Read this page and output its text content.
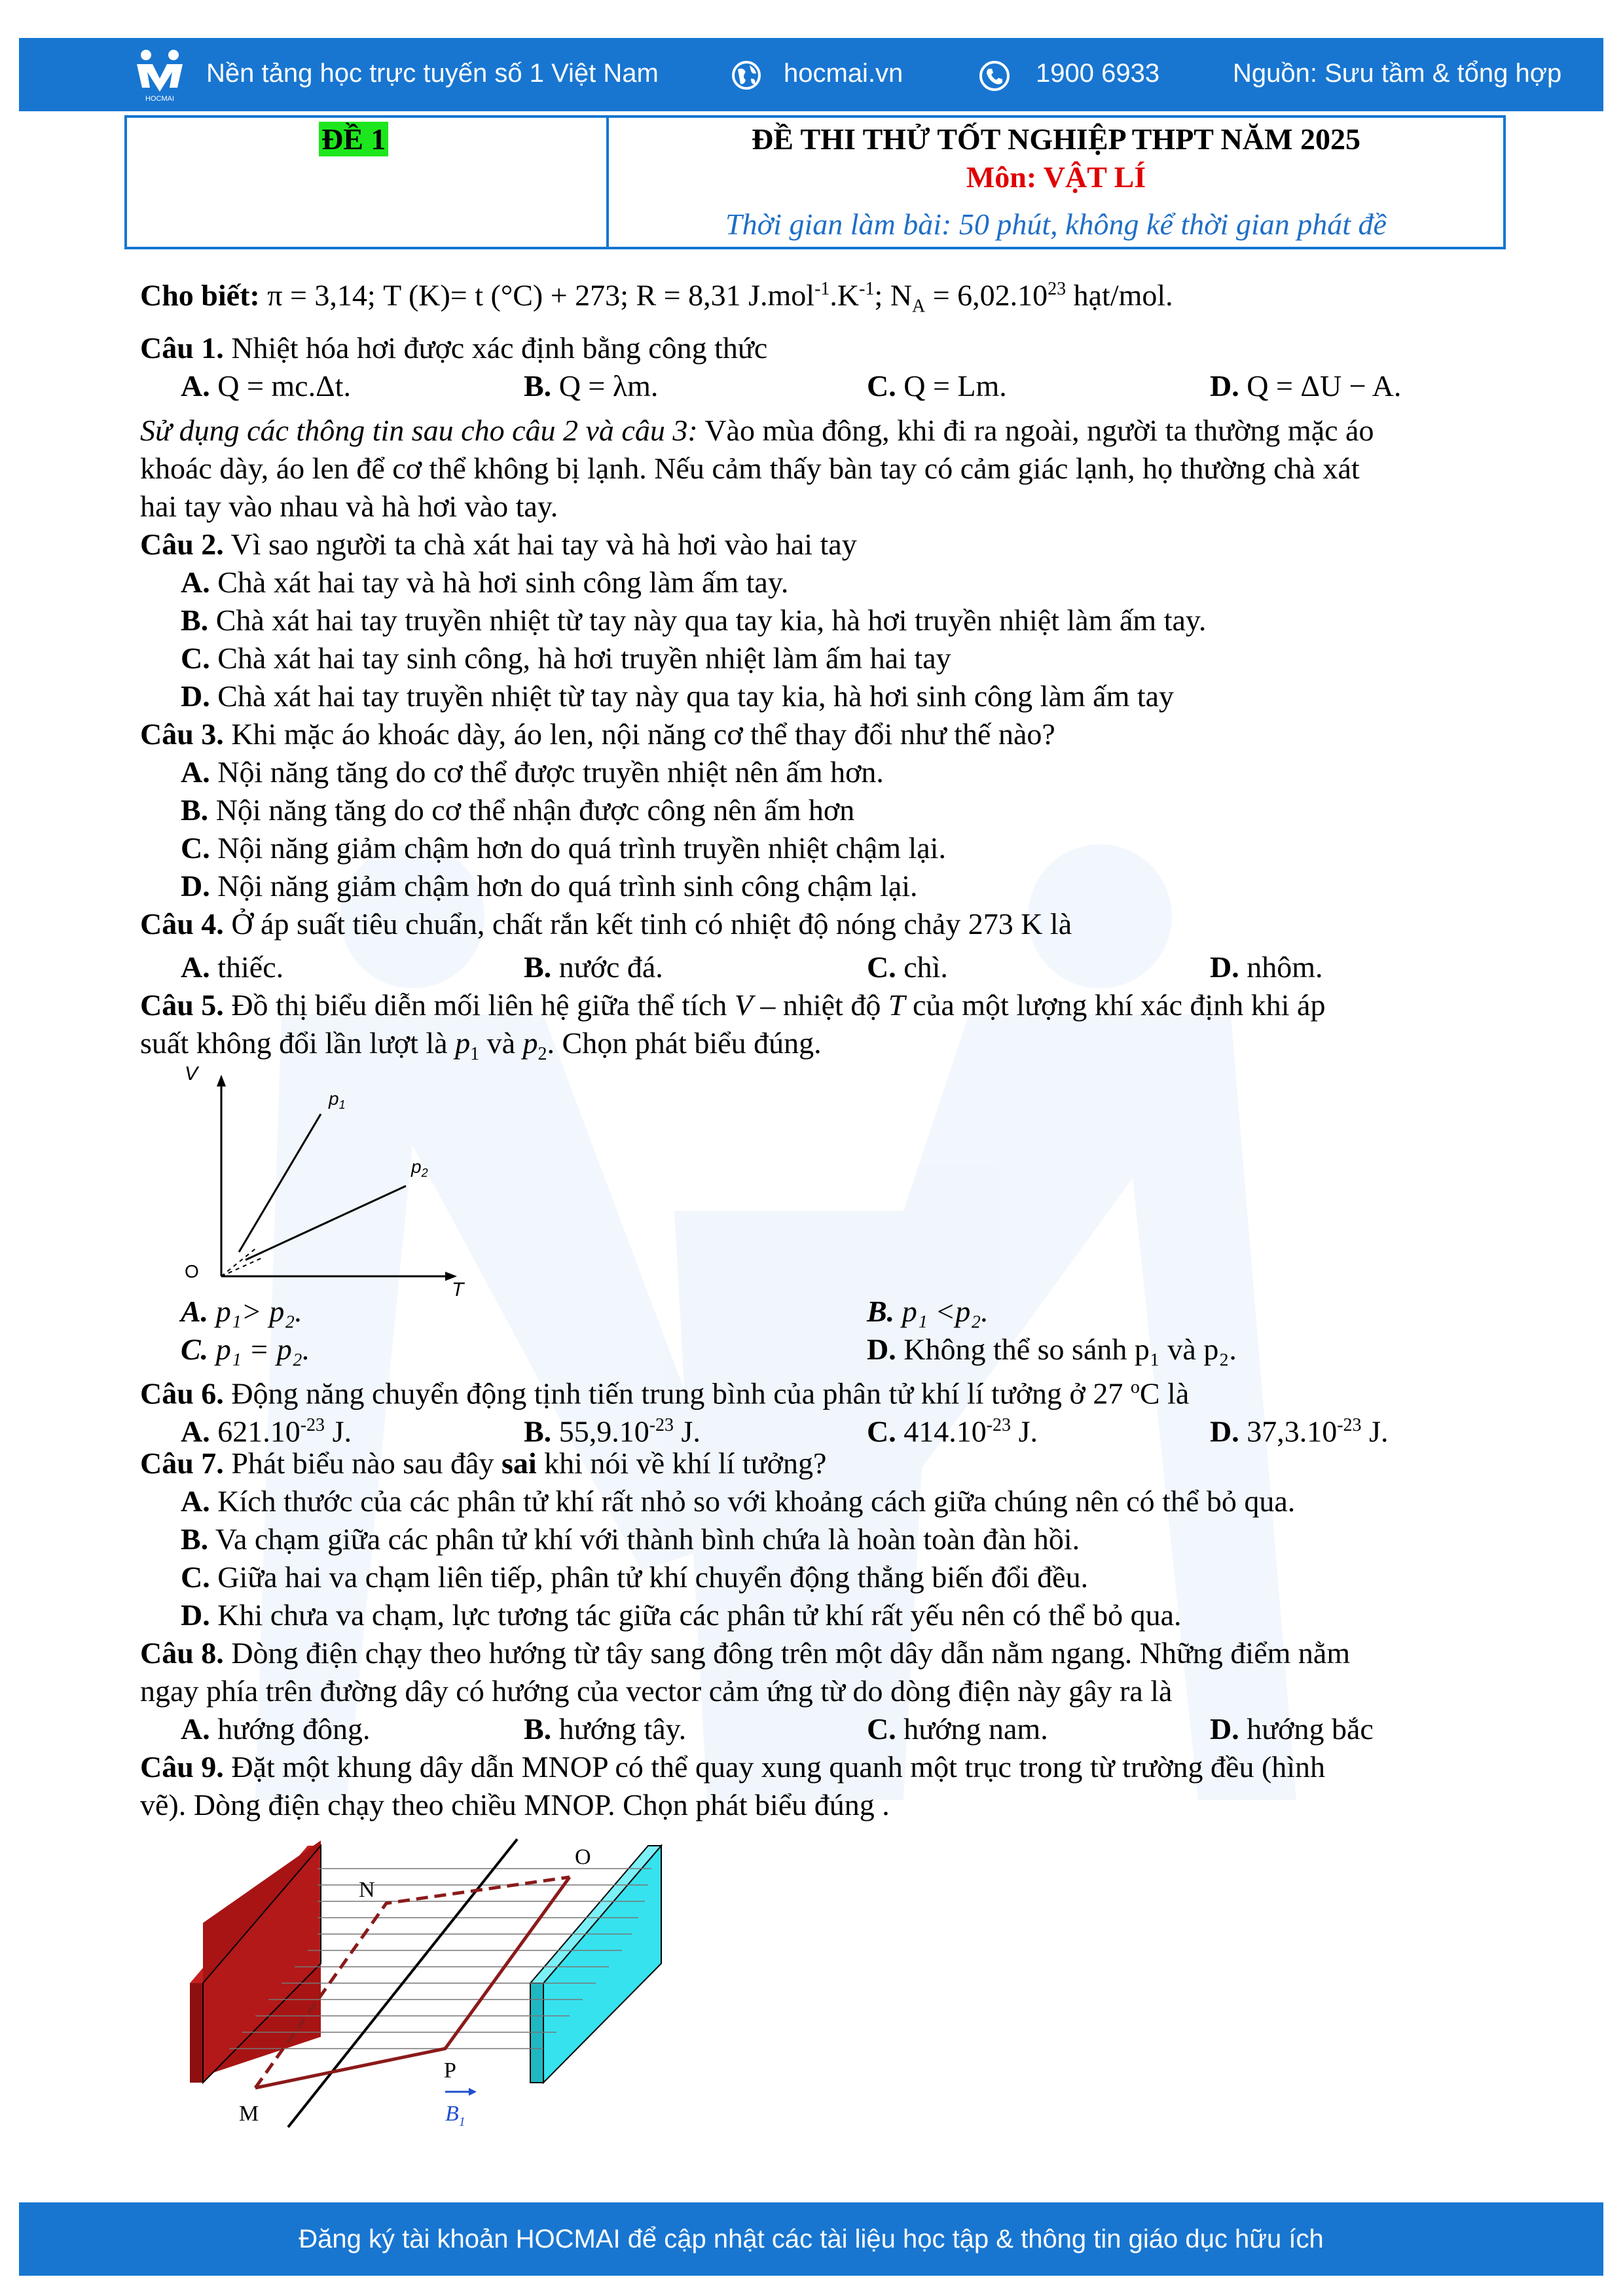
HOCMAI
Nền tảng học trực tuyến số 1 Việt Nam	hocmai.vn	1900 6933	Nguồn: Sưu tầm & tổng hợp
ĐỀ 1	ĐỀ THI THỬ TỐT NGHIỆP THPT NĂM 2025
Môn: VẬT LÍ
Thời gian làm bài: 50 phút, không kể thời gian phát đề
Cho biết: π = 3,14; T (K)= t (°C) + 273; R = 8,31 $J.mol^{-1}.K^{-1}$; $N_A = 6,02.10^{23}$ hạt/mol.
Câu 1. Nhiệt hóa hơi được xác định bằng công thức
A. Q = mc.Δt.	B. Q = λm.	C. Q = Lm.	D. Q = ΔU − A.
Sử dụng các thông tin sau cho câu 2 và câu 3: Vào mùa đông, khi đi ra ngoài, người ta thường mặc áo
khoác dày, áo len để cơ thể không bị lạnh. Nếu cảm thấy bàn tay có cảm giác lạnh, họ thường chà xát
hai tay vào nhau và hà hơi vào tay.
Câu 2. Vì sao người ta chà xát hai tay và hà hơi vào hai tay
A. Chà xát hai tay và hà hơi sinh công làm ấm tay.
B. Chà xát hai tay truyền nhiệt từ tay này qua tay kia, hà hơi truyền nhiệt làm ấm tay.
C. Chà xát hai tay sinh công, hà hơi truyền nhiệt làm ấm hai tay
D. Chà xát hai tay truyền nhiệt từ tay này qua tay kia, hà hơi sinh công làm ấm tay
Câu 3. Khi mặc áo khoác dày, áo len, nội năng cơ thể thay đổi như thế nào?
A. Nội năng tăng do cơ thể được truyền nhiệt nên ấm hơn.
B. Nội năng tăng do cơ thể nhận được công nên ấm hơn
C. Nội năng giảm chậm hơn do quá trình truyền nhiệt chậm lại.
D. Nội năng giảm chậm hơn do quá trình sinh công chậm lại.
Câu 4. Ở áp suất tiêu chuẩn, chất rắn kết tinh có nhiệt độ nóng chảy 273 K là
A. thiếc.	B. nước đá.	C. chì.	D. nhôm.
Câu 5. Đồ thị biểu diễn mối liên hệ giữa thể tích V – nhiệt độ T của một lượng khí xác định khi áp
suất không đổi lần lượt là $p_1$ và $p_2$. Chọn phát biểu đúng.
V
T
O
$p_1$
$p_2$
A. p₁> p₂.	B. p₁ <p₂.
C. p₁ = p₂.	D. Không thể so sánh p₁ và p₂.
Câu 6. Động năng chuyển động tịnh tiến trung bình của phân tử khí lí tưởng ở 27 $^o$C là
A. $621.10^{-23}$ J.	B. $55,9.10^{-23}$ J.	C. $414.10^{-23}$ J.	D. $37,3.10^{-23}$ J.
Câu 7. Phát biểu nào sau đây sai khi nói về khí lí tưởng?
A. Kích thước của các phân tử khí rất nhỏ so với khoảng cách giữa chúng nên có thể bỏ qua.
B. Va chạm giữa các phân tử khí với thành bình chứa là hoàn toàn đàn hồi.
C. Giữa hai va chạm liên tiếp, phân tử khí chuyển động thẳng biến đổi đều.
D. Khi chưa va chạm, lực tương tác giữa các phân tử khí rất yếu nên có thể bỏ qua.
Câu 8. Dòng điện chạy theo hướng từ tây sang đông trên một dây dẫn nằm ngang. Những điểm nằm
ngay phía trên đường dây có hướng của vector cảm ứng từ do dòng điện này gây ra là
A. hướng đông.	B. hướng tây.	C. hướng nam.	D. hướng bắc
Câu 9. Đặt một khung dây dẫn MNOP có thể quay xung quanh một trục trong từ trường đều (hình
vẽ). Dòng điện chạy theo chiều MNOP. Chọn phát biểu đúng .
M
N
O
P
$B_1$
Đăng ký tài khoản HOCMAI để cập nhật các tài liệu học tập & thông tin giáo dục hữu ích
